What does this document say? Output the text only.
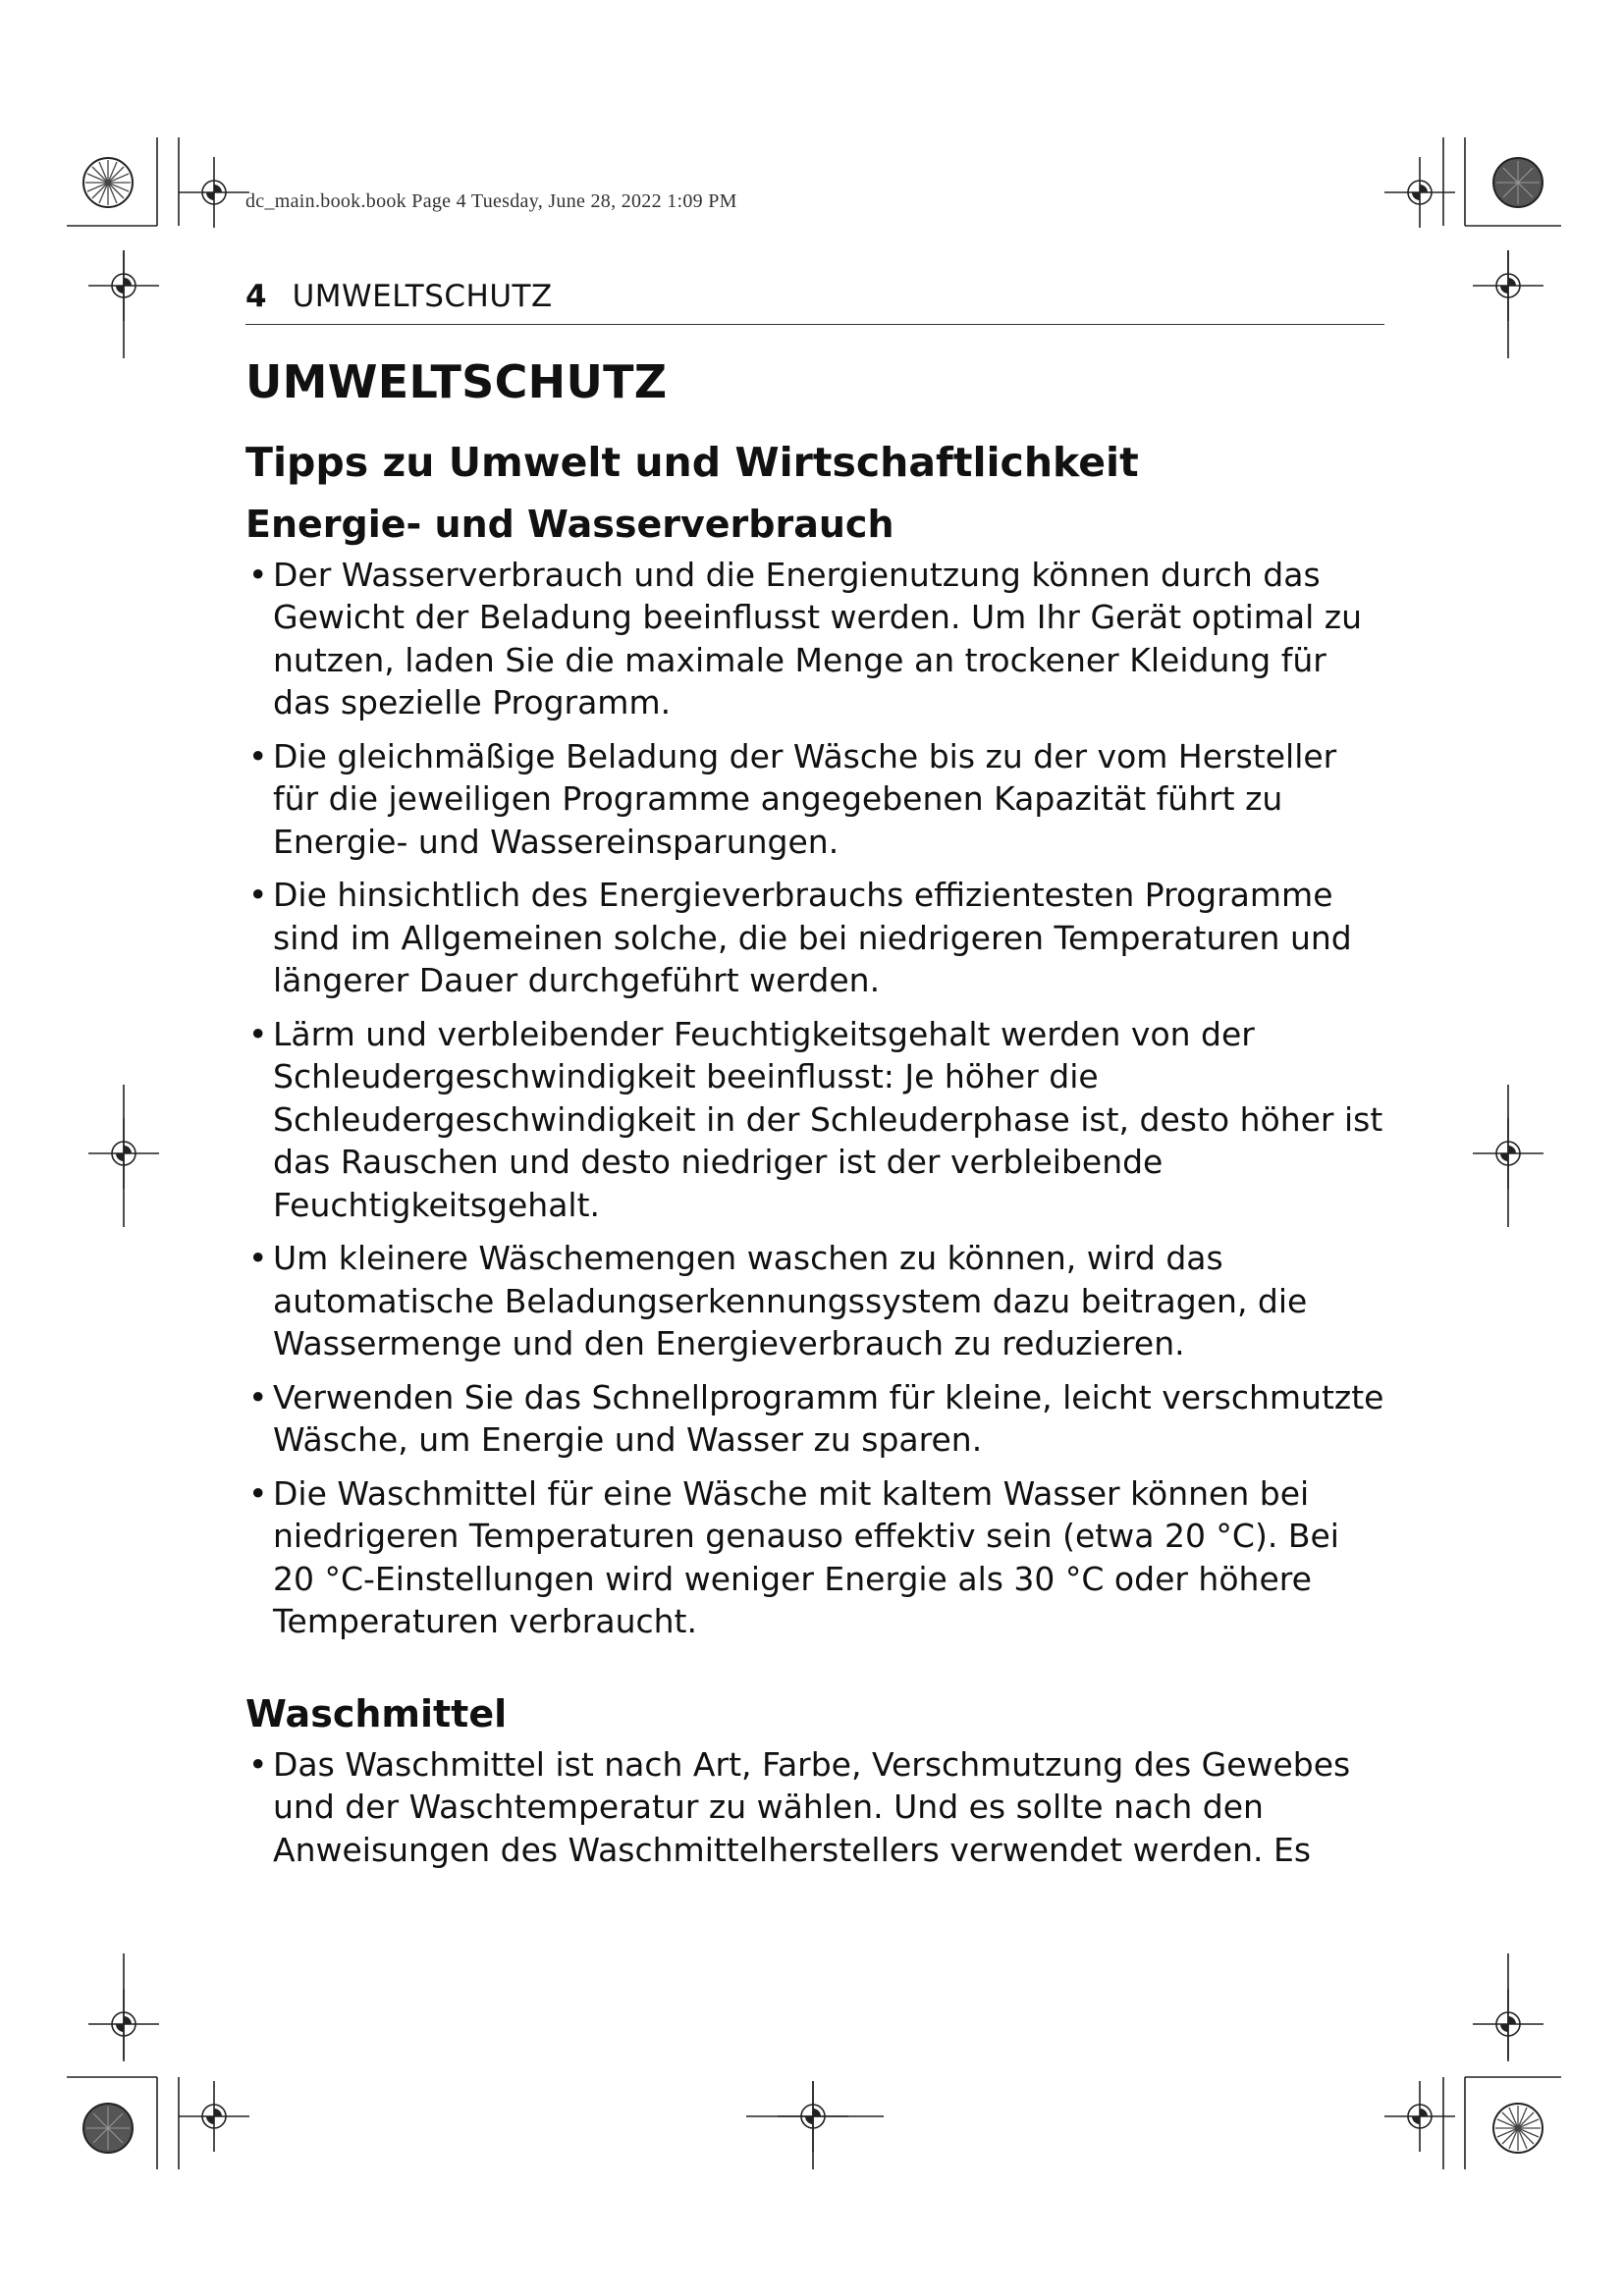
dc_main.book.book Page 4 Tuesday, June 28, 2022 1:09 PM
4 UMWELTSCHUTZ
UMWELTSCHUTZ
Tipps zu Umwelt und Wirtschaftlichkeit
Energie- und Wasserverbrauch
• Der Wasserverbrauch und die Energienutzung können durch das Gewicht der Beladung beeinflusst werden. Um Ihr Gerät optimal zu nutzen, laden Sie die maximale Menge an trockener Kleidung für das spezielle Programm.
• Die gleichmäßige Beladung der Wäsche bis zu der vom Hersteller für die jeweiligen Programme angegebenen Kapazität führt zu Energie- und Wassereinsparungen.
• Die hinsichtlich des Energieverbrauchs effizientesten Programme sind im Allgemeinen solche, die bei niedrigeren Temperaturen und längerer Dauer durchgeführt werden.
• Lärm und verbleibender Feuchtigkeitsgehalt werden von der Schleudergeschwindigkeit beeinflusst: Je höher die Schleudergeschwindigkeit in der Schleuderphase ist, desto höher ist das Rauschen und desto niedriger ist der verbleibende Feuchtigkeitsgehalt.
• Um kleinere Wäschemengen waschen zu können, wird das automatische Beladungserkennungssystem dazu beitragen, die Wassermenge und den Energieverbrauch zu reduzieren.
• Verwenden Sie das Schnellprogramm für kleine, leicht verschmutzte Wäsche, um Energie und Wasser zu sparen.
• Die Waschmittel für eine Wäsche mit kaltem Wasser können bei niedrigeren Temperaturen genauso effektiv sein (etwa 20 °C). Bei 20 °C-Einstellungen wird weniger Energie als 30 °C oder höhere Temperaturen verbraucht.
Waschmittel
• Das Waschmittel ist nach Art, Farbe, Verschmutzung des Gewebes und der Waschtemperatur zu wählen. Und es sollte nach den Anweisungen des Waschmittelherstellers verwendet werden. Es
